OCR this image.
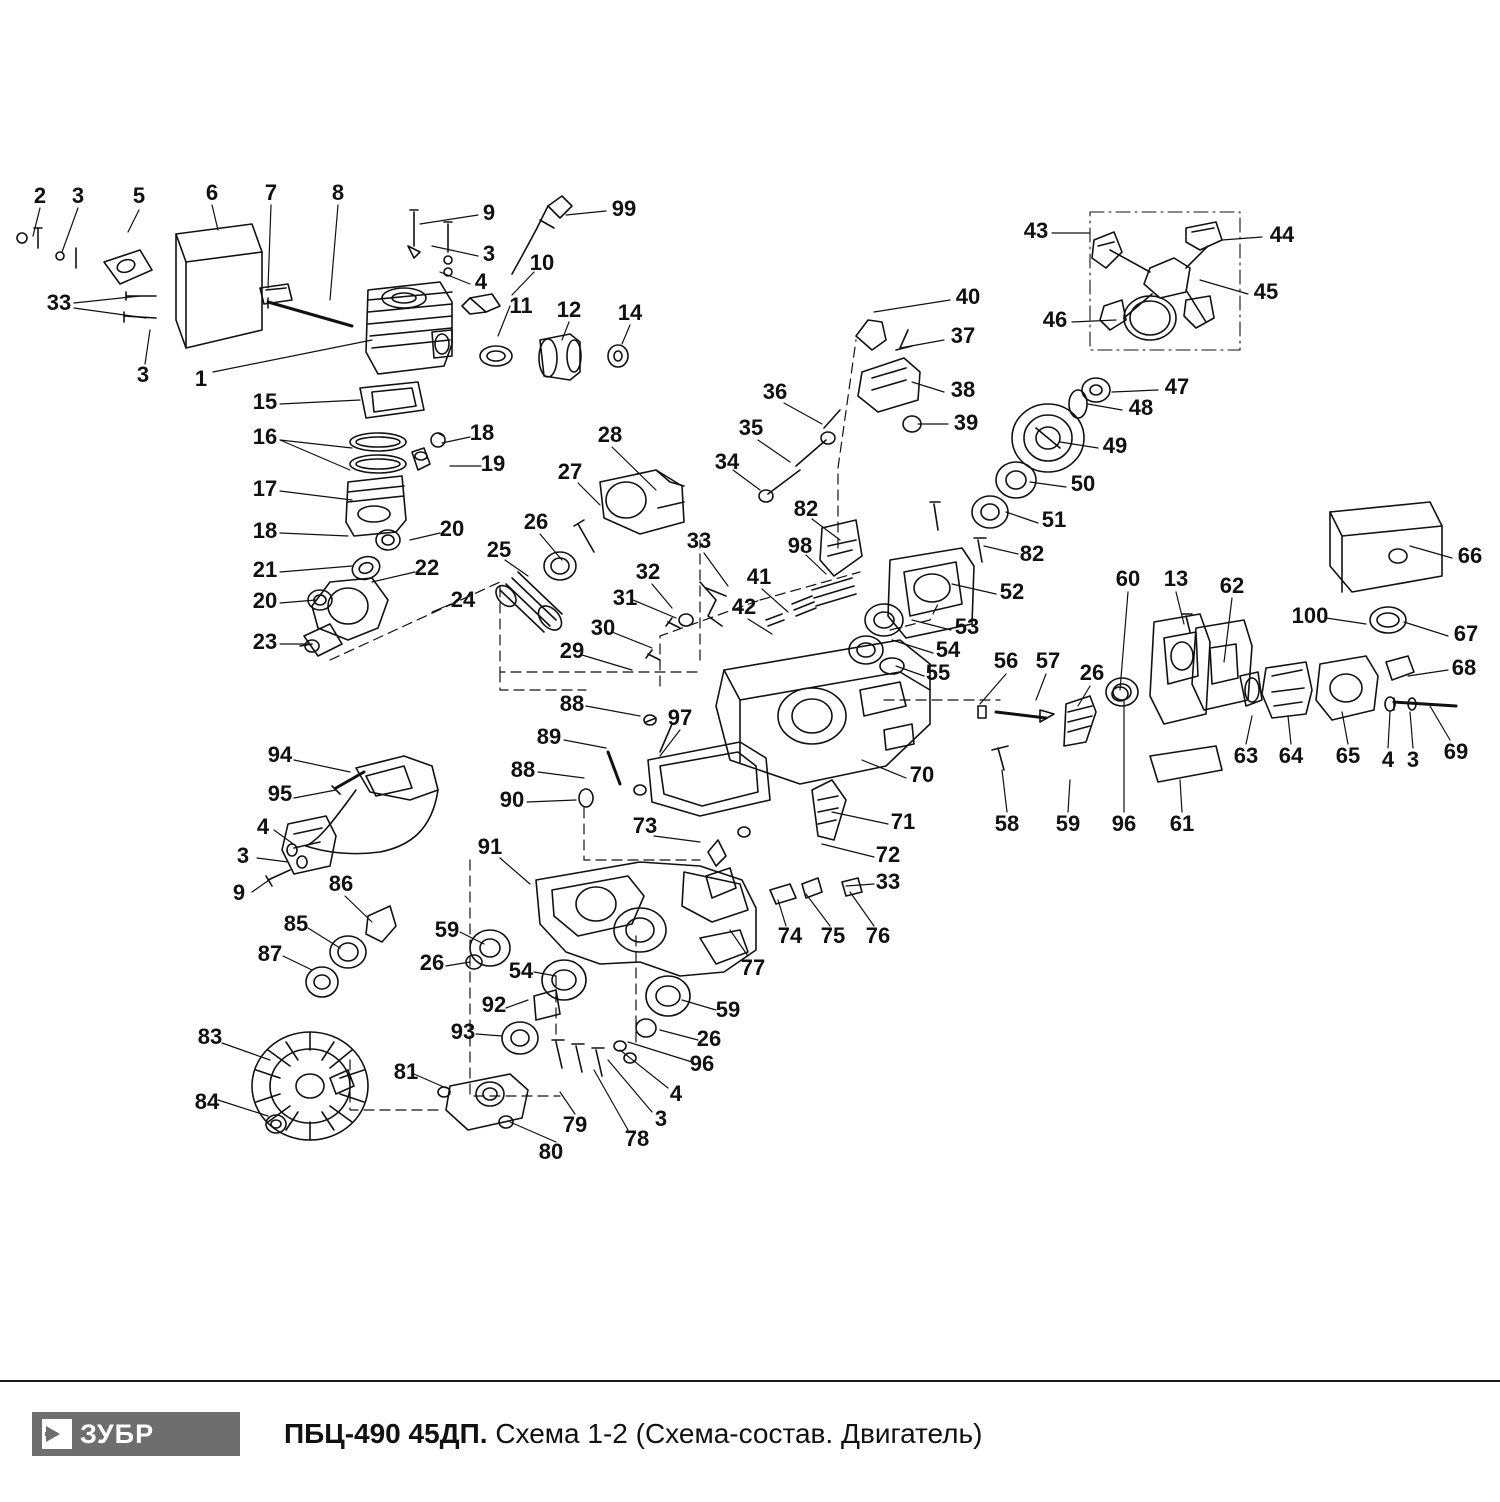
2 3 5	6 7 8
9	99
3
4
10
33	11 12 14
3 1
15
16	18
19
17
18	20
21	22
20	24
23
25
26
27
28
32
31
30
29
33
41
42
34
35
36
98
82
40
37
38
39
43	44
45
46
47
48
49
50
51
82
52
53
54
55 56 57 26
60 13 62
66
100
67
68
63 64 65 4 3 69
61
58 59 96
88
89
97
88
90
70
71
72
73
33
94
95
4
3
9	86
85
87
91
59
26	54
92
93
74 75 76
77
59
26
96
4
3
78
79
80
81
83
84
ЗУБР	ПБЦ-490 45ДП. Схема 1-2 (Схема-состав. Двигатель)
